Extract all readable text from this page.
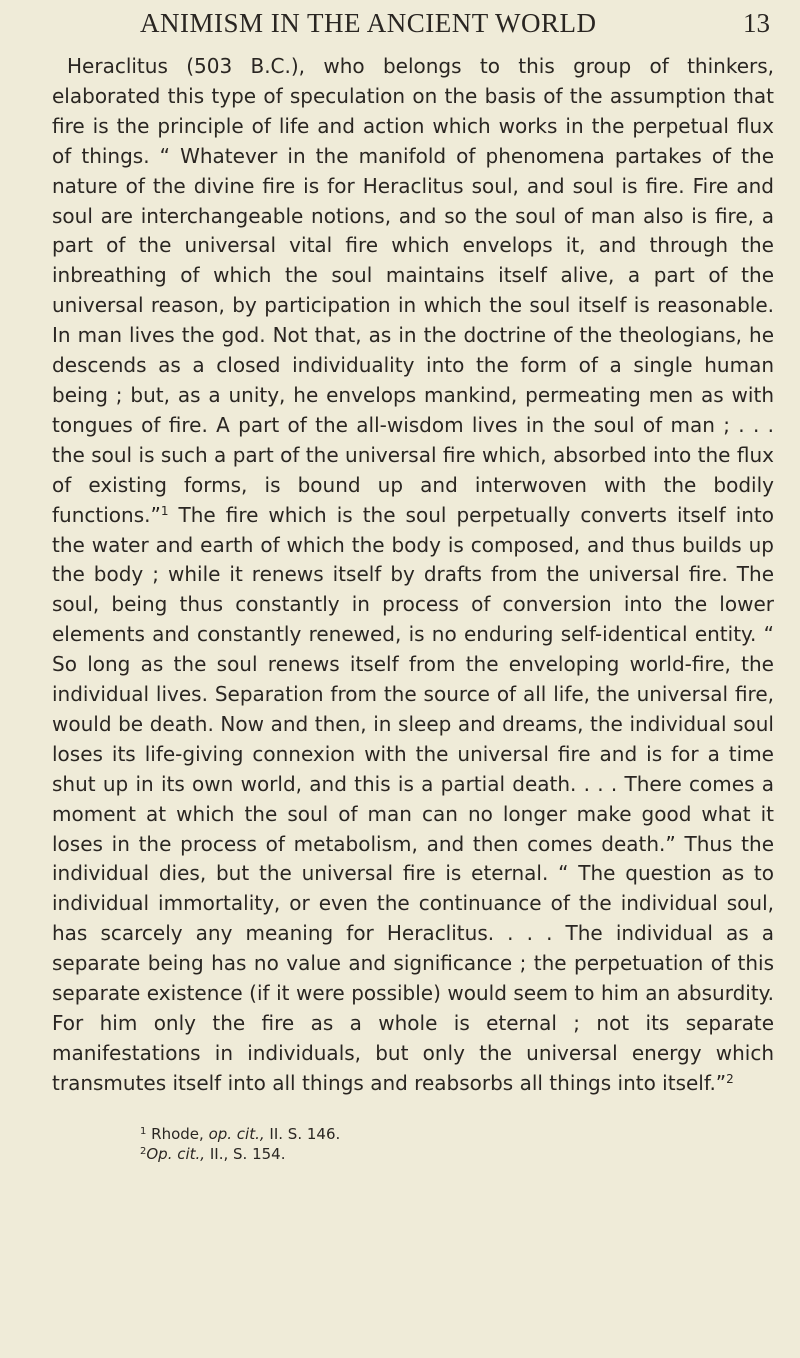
ANIMISM IN THE ANCIENT WORLD	13

Heraclitus (503 B.C.), who belongs to this group of thinkers, elaborated this type of speculation on the basis of the assumption that fire is the principle of life and action which works in the perpetual flux of things. “ Whatever in the manifold of phenomena partakes of the nature of the divine fire is for Heraclitus soul, and soul is fire. Fire and soul are interchangeable notions, and so the soul of man also is fire, a part of the universal vital fire which envelops it, and through the inbreathing of which the soul maintains itself alive, a part of the universal reason, by participation in which the soul itself is reasonable. In man lives the god. Not that, as in the doctrine of the theologians, he descends as a closed individuality into the form of a single human being ; but, as a unity, he envelops mankind, permeating men as with tongues of fire. A part of the all-wisdom lives in the soul of man ; . . . the soul is such a part of the universal fire which, absorbed into the flux of existing forms, is bound up and interwoven with the bodily functions.”$^1$ The fire which is the soul perpetually converts itself into the water and earth of which the body is composed, and thus builds up the body ; while it renews itself by drafts from the universal fire. The soul, being thus constantly in process of conversion into the lower elements and constantly renewed, is no enduring self-identical entity. “ So long as the soul renews itself from the enveloping world-fire, the individual lives. Separation from the source of all life, the universal fire, would be death. Now and then, in sleep and dreams, the individual soul loses its life-giving connexion with the universal fire and is for a time shut up in its own world, and this is a partial death. . . . There comes a moment at which the soul of man can no longer make good what it loses in the process of metabolism, and then comes death.” Thus the individual dies, but the universal fire is eternal. “ The question as to individual immortality, or even the continuance of the individual soul, has scarcely any meaning for Heraclitus. . . . The individual as a separate being has no value and significance ; the perpetuation of this separate existence (if it were possible) would seem to him an absurdity. For him only the fire as a whole is eternal ; not its separate manifestations in individuals, but only the universal energy which transmutes itself into all things and reabsorbs all things into itself.”$^2$

$^1$ Rhode, op. cit., II. S. 146.
$^2$Op. cit., II., S. 154.
